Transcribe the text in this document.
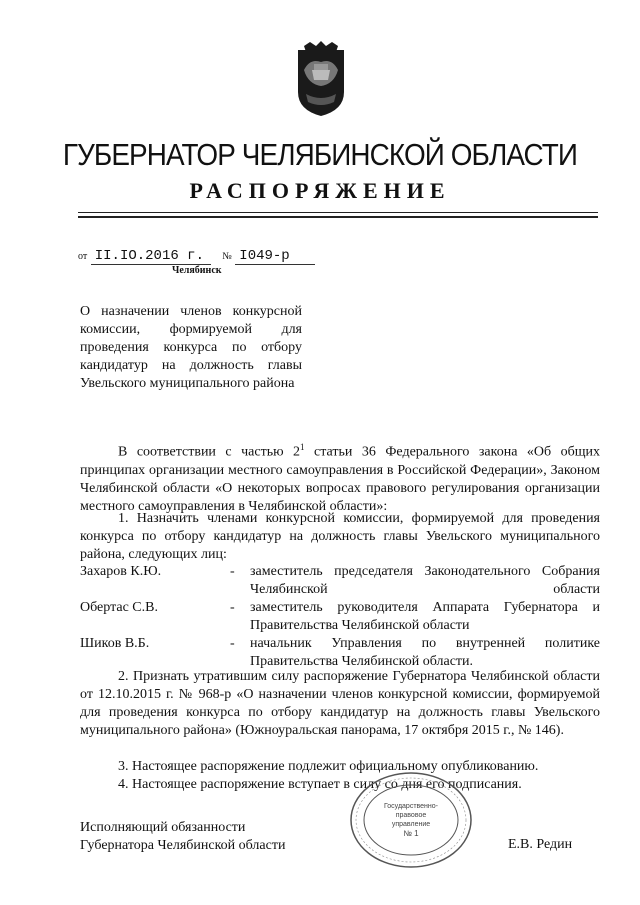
ГУБЕРНАТОР ЧЕЛЯБИНСКОЙ ОБЛАСТИ
РАСПОРЯЖЕНИЕ
от II.IO.2016 г. № I049-р
Челябинск
О назначении членов конкурсной комиссии, формируемой для проведения конкурса по отбору кандидатур на должность главы Увельского муниципального района

В соответствии с частью $2^1$ статьи 36 Федерального закона «Об общих принципах организации местного самоуправления в Российской Федерации», Законом Челябинской области «О некоторых вопросах правового регулирования организации местного самоуправления в Челябинской области»:

1. Назначить членами конкурсной комиссии, формируемой для проведения конкурса по отбору кандидатур на должность главы Увельского муниципального района, следующих лиц:

Захаров К.Ю.	-	заместитель председателя Законодательного Собрания Челябинской области
Обертас С.В.	-	заместитель руководителя Аппарата Губернатора и Правительства Челябинской области
Шиков В.Б.	-	начальник Управления по внутренней политике Правительства Челябинской области.

2. Признать утратившим силу распоряжение Губернатора Челябинской области от 12.10.2015 г. № 968-р «О назначении членов конкурсной комиссии, формируемой для проведения конкурса по отбору кандидатур на должность главы Увельского муниципального района» (Южноуральская панорама, 17 октября 2015 г., № 146).

3. Настоящее распоряжение подлежит официальному опубликованию.

4. Настоящее распоряжение вступает в силу со дня его подписания.

Государственно-
правовое
управление
№ 1
Исполняющий обязанности
Губернатора Челябинской области	Е.В. Редин
